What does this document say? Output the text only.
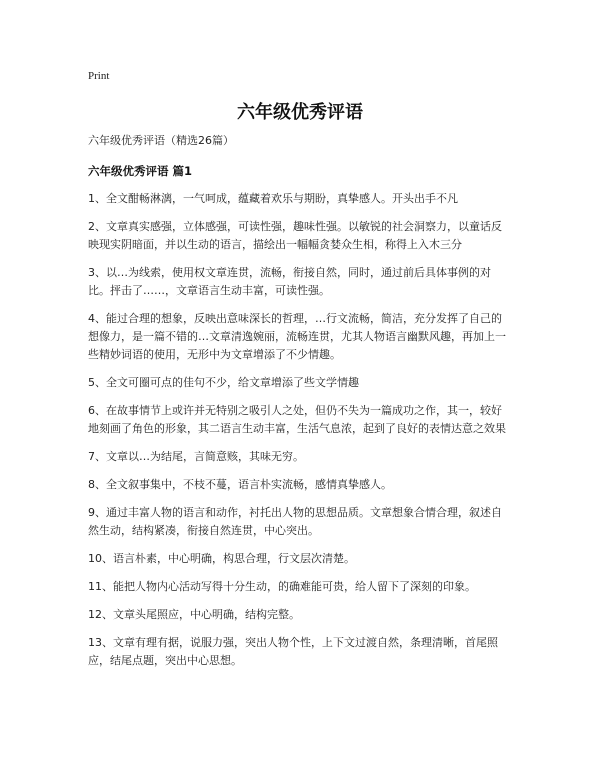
Print
六年级优秀评语
六年级优秀评语（精选26篇）
六年级优秀评语 篇1

1、全文酣畅淋漓，一气呵成，蕴藏着欢乐与期盼，真挚感人。开头出手不凡

2、文章真实感强，立体感强，可读性强，趣味性强。以敏锐的社会洞察力，以童话反映现实阴暗面，并以生动的语言，描绘出一幅幅贪婪众生相，称得上入木三分

3、以…为线索，使用权文章连贯，流畅，衔接自然，同时，通过前后具体事例的对比。抨击了……，文章语言生动丰富，可读性强。

4、能过合理的想象，反映出意味深长的哲理，…行文流畅，简洁，充分发挥了自己的想像力，是一篇不错的…文章清逸婉丽，流畅连贯，尤其人物语言幽默风趣，再加上一些精妙词语的使用，无形中为文章增添了不少情趣。

5、全文可圈可点的佳句不少，给文章增添了些文学情趣

6、在故事情节上或许并无特别之吸引人之处，但仍不失为一篇成功之作，其一，较好地刻画了角色的形象，其二语言生动丰富，生活气息浓，起到了良好的表情达意之效果

7、文章以…为结尾，言简意赅，其味无穷。

8、全文叙事集中，不枝不蔓，语言朴实流畅，感情真挚感人。

9、通过丰富人物的语言和动作，衬托出人物的思想品质。文章想象合情合理，叙述自然生动，结构紧凑，衔接自然连贯，中心突出。

10、语言朴素，中心明确，构思合理，行文层次清楚。

11、能把人物内心活动写得十分生动，的确难能可贵，给人留下了深刻的印象。

12、文章头尾照应，中心明确，结构完整。

13、文章有理有据，说服力强，突出人物个性，上下文过渡自然，条理清晰，首尾照应，结尾点题，突出中心思想。
